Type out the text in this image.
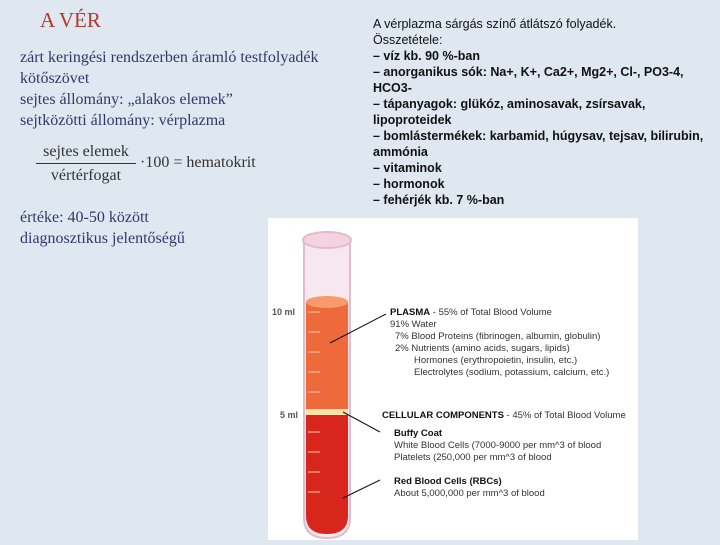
A VÉR
zárt keringési rendszerben áramló testfolyadék
kötőszövet
sejtes állomány: „alakos elemek”
sejtközötti állomány: vérplazma
sejtes elemek
vértérfogat
·100 = hematokrit
értéke: 40-50 között
diagnosztikus jelentőségű
A vérplazma sárgás színő átlátszó folyadék.
Összetétele:
– víz kb. 90 %-ban
– anorganikus sók: Na+, K+, Ca2+, Mg2+, Cl-, PO3-4, HCO3-
– tápanyagok: glükóz, aminosavak, zsírsavak, lipoproteidek
– bomlástermékek: karbamid, húgysav, tejsav, bilirubin, ammónia
– vitaminok
– hormonok
– fehérjék kb. 7 %-ban
10 ml
5 ml
PLASMA - 55% of Total Blood Volume
91% Water
7% Blood Proteins (fibrinogen, albumin, globulin)
2% Nutrients (amino acids, sugars, lipids)
Hormones (erythropoietin, insulin, etc.)
Electrolytes (sodium, potassium, calcium, etc.)
CELLULAR COMPONENTS - 45% of Total Blood Volume
Buffy Coat
White Blood Cells (7000-9000 per mm^3 of blood
Platelets (250,000 per mm^3 of blood
Red Blood Cells (RBCs)
About 5,000,000 per mm^3 of blood
